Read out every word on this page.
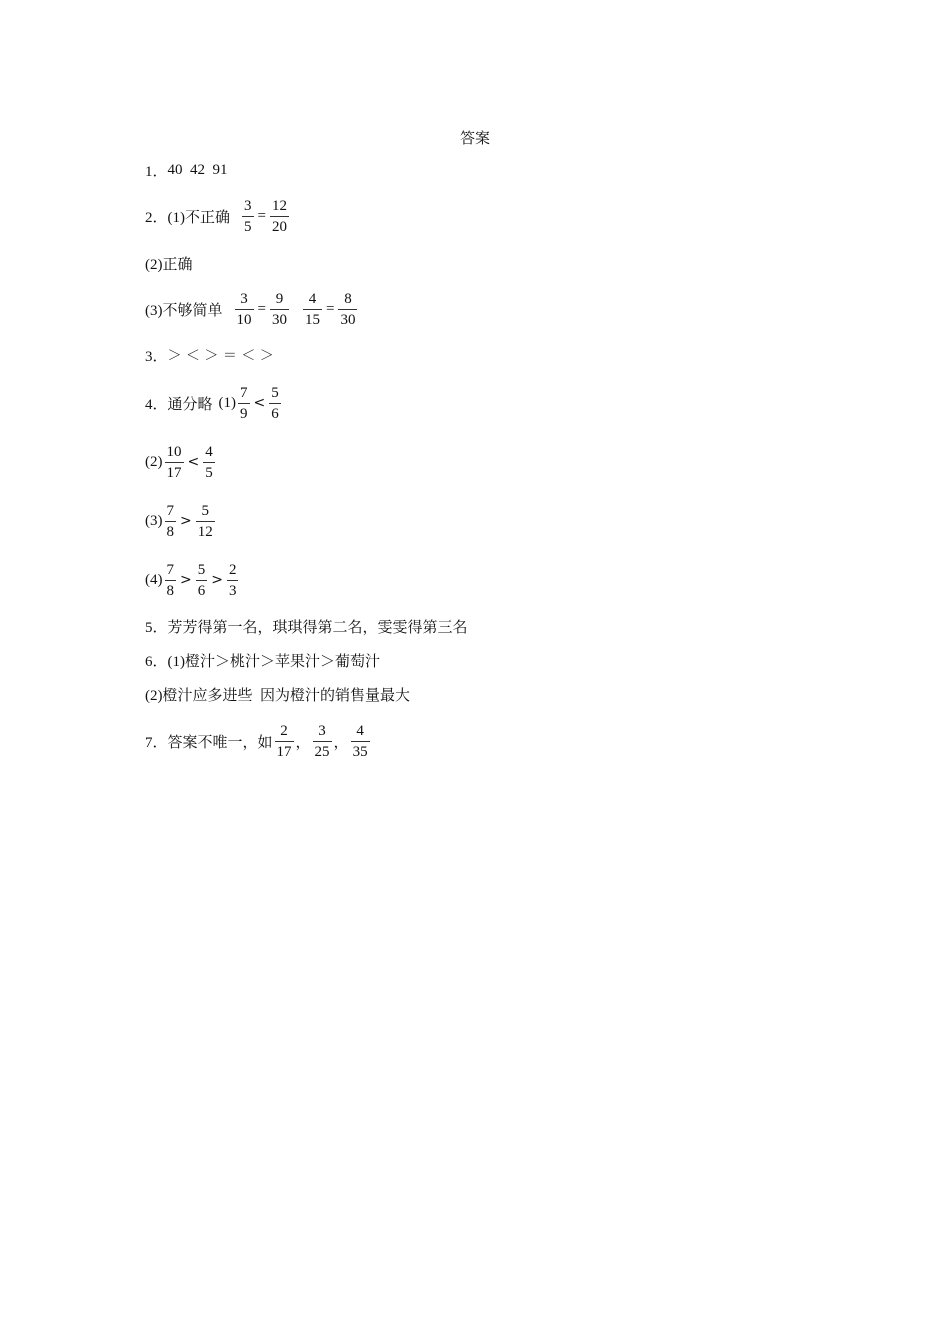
答案
1． 40  42  91
2． (1)不正确 $\frac{3}{5} = \frac{12}{20}$
(2)正确
(3)不够简单 $\frac{3}{10} = \frac{9}{30} \frac{4}{15} = \frac{8}{30}$
3． ＞ ＜ ＞ ＝ ＜ ＞
4． 通分略 $(1) \frac{7}{9} < \frac{5}{6}$
$(2) \frac{10}{17} < \frac{4}{5}$
$(3) \frac{7}{8} > \frac{5}{12}$
$(4) \frac{7}{8} > \frac{5}{6} > \frac{2}{3}$
5． 芳芳得第一名，琪琪得第二名，雯雯得第三名
6． (1)橙汁＞桃汁＞苹果汁＞葡萄汁
(2)橙汁应多进些  因为橙汁的销售量最大
7． 答案不唯一，如 $\frac{2}{17}$ ， $\frac{3}{25}$ ， $\frac{4}{35}$
